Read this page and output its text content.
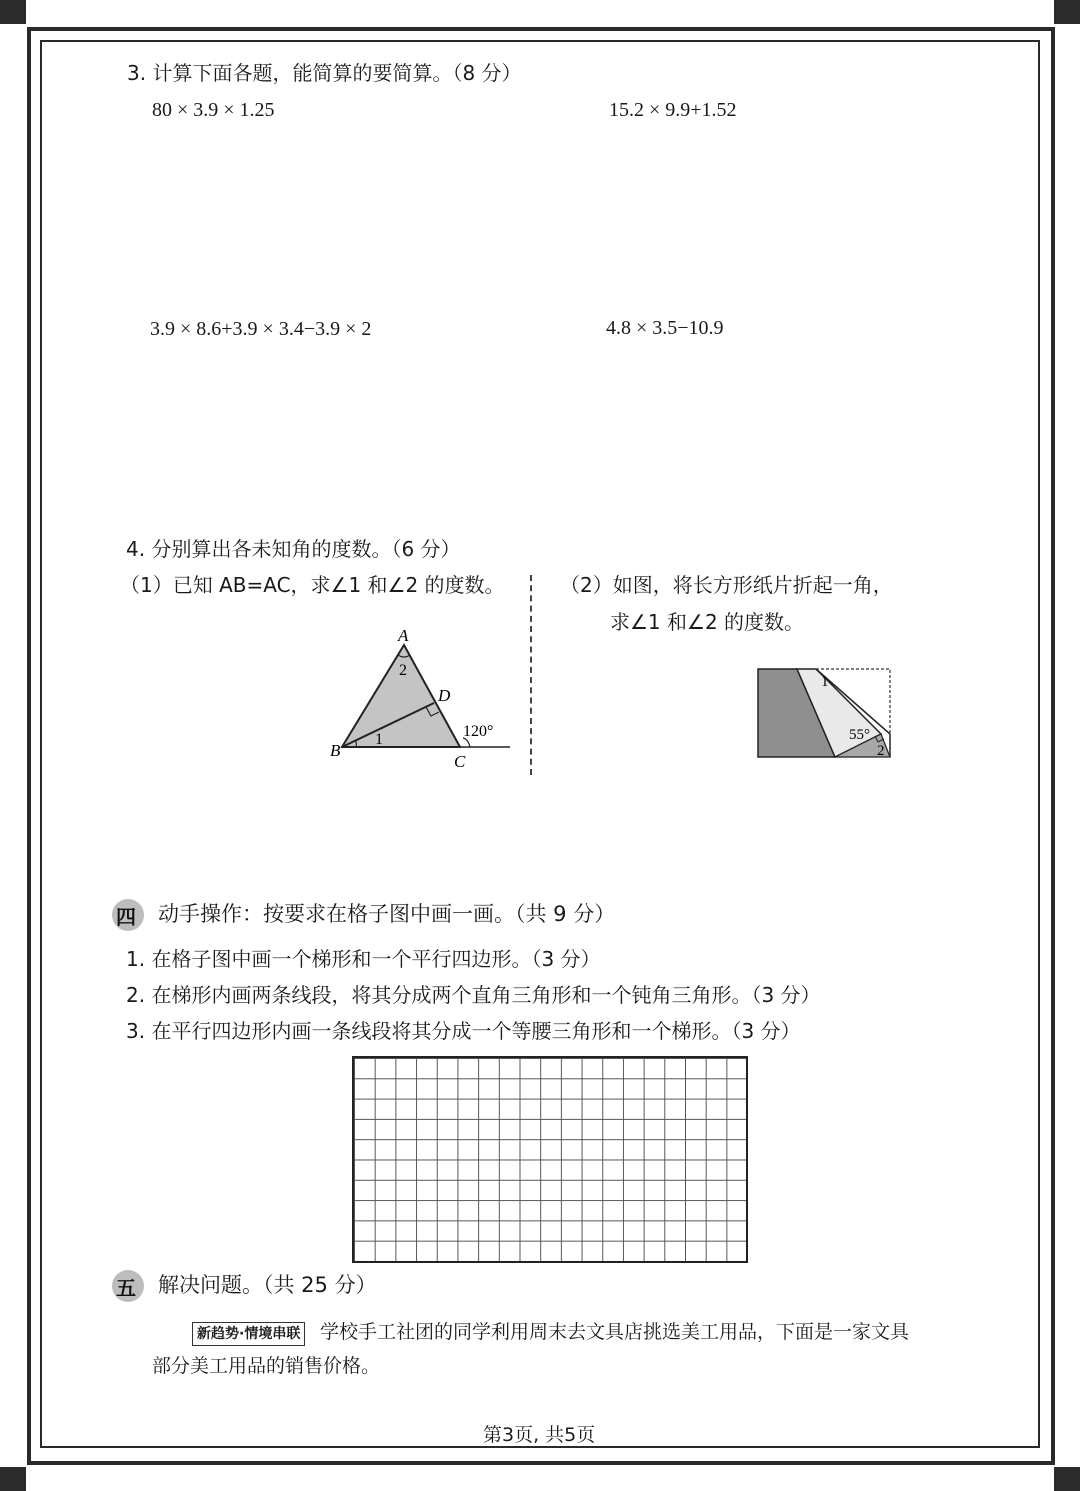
3. 计算下面各题，能简算的要简算。（8 分）
80 × 3.9 × 1.25	15.2 × 9.9+1.52
3.9 × 8.6+3.9 × 3.4−3.9 × 2	4.8 × 3.5−10.9
4. 分别算出各未知角的度数。（6 分）
（1）已知 AB=AC，求∠1 和∠2 的度数。	（2）如图，将长方形纸片折起一角，
求∠1 和∠2 的度数。
A
B
C
D
2
1	120°
1
2
55°
四 动手操作：按要求在格子图中画一画。（共 9 分）
1. 在格子图中画一个梯形和一个平行四边形。（3 分）
2. 在梯形内画两条线段，将其分成两个直角三角形和一个钝角三角形。（3 分）
3. 在平行四边形内画一条线段将其分成一个等腰三角形和一个梯形。（3 分）
五 解决问题。（共 25 分）
新趋势·情境串联 学校手工社团的同学利用周末去文具店挑选美工用品，下面是一家文具
部分美工用品的销售价格。
第3页, 共5页
